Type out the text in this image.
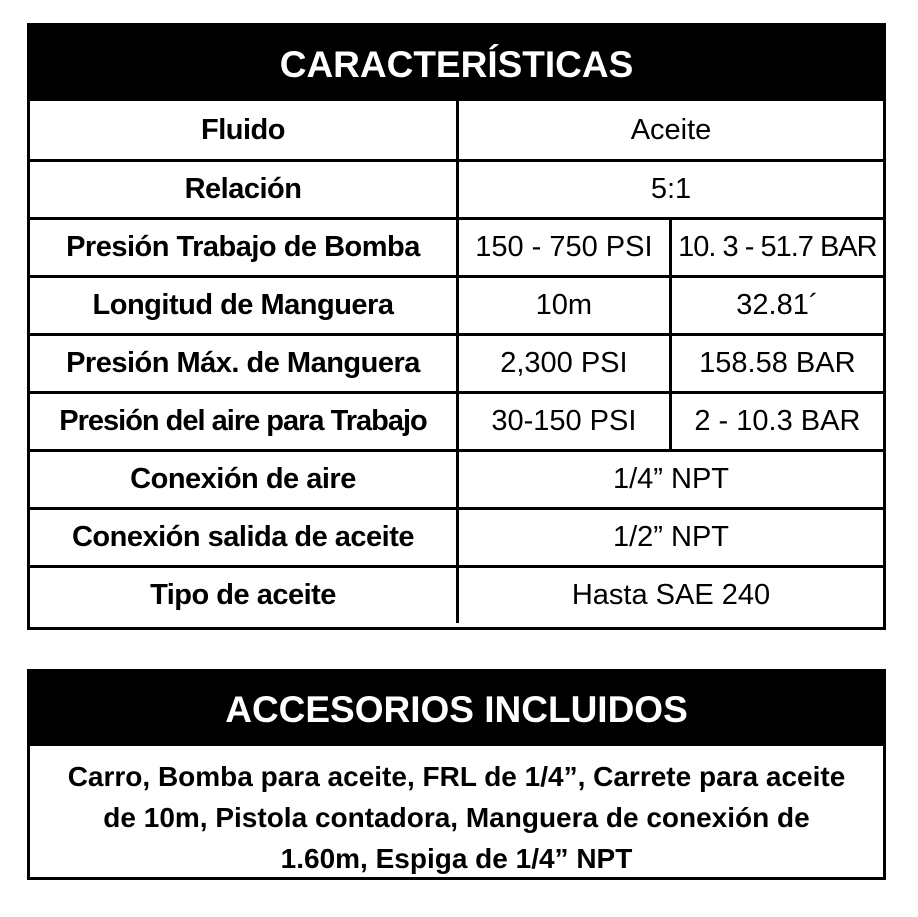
CARACTERÍSTICAS
Fluido	Aceite	
Relación	5:1	
Presión Trabajo de Bomba	150 - 750 PSI	10. 3 - 51.7 BAR
Longitud de Manguera	10m	32.81´
Presión Máx. de Manguera	2,300 PSI	158.58 BAR
Presión del aire para Trabajo	30-150 PSI	2 - 10.3 BAR
Conexión de aire	1/4” NPT	
Conexión salida de aceite	1/2” NPT	
Tipo de aceite	Hasta SAE 240	
ACCESORIOS INCLUIDOS
Carro, Bomba para aceite, FRL de 1/4”, Carrete para aceite
de 10m, Pistola contadora, Manguera de conexión de
1.60m, Espiga de 1/4” NPT
